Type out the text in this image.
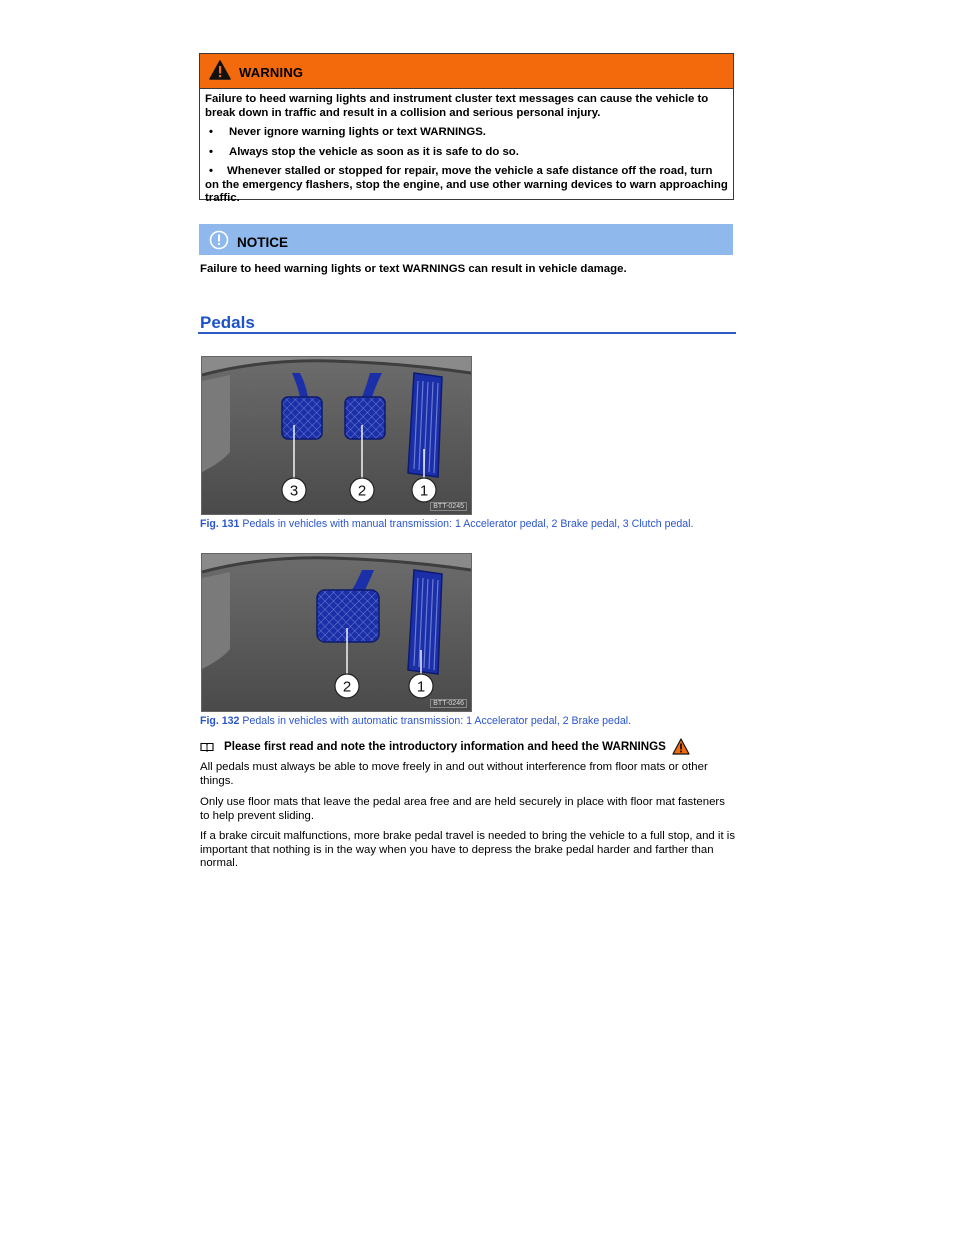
WARNING

Failure to heed warning lights and instrument cluster text messages can cause the vehicle to break down in traffic and result in a collision and serious personal injury.

•	Never ignore warning lights or text WARNINGS.
•	Always stop the vehicle as soon as it is safe to do so.
• Whenever stalled or stopped for repair, move the vehicle a safe distance off the road, turn on the emergency flashers, stop the engine, and use other warning devices to warn approaching traffic.
NOTICE
Failure to heed warning lights or text WARNINGS can result in vehicle damage.
Pedals
3	2	1
BTT-0245
Fig. 131 Pedals in vehicles with manual transmission: 1 Accelerator pedal, 2 Brake pedal, 3 Clutch pedal.
2	1
BTT-0246
Fig. 132 Pedals in vehicles with automatic transmission: 1 Accelerator pedal, 2 Brake pedal.
Please first read and note the introductory information and heed the WARNINGS
All pedals must always be able to move freely in and out without interference from floor mats or other things.
Only use floor mats that leave the pedal area free and are held securely in place with floor mat fasteners to help prevent sliding.
If a brake circuit malfunctions, more brake pedal travel is needed to bring the vehicle to a full stop, and it is important that nothing is in the way when you have to depress the brake pedal harder and farther than normal.
